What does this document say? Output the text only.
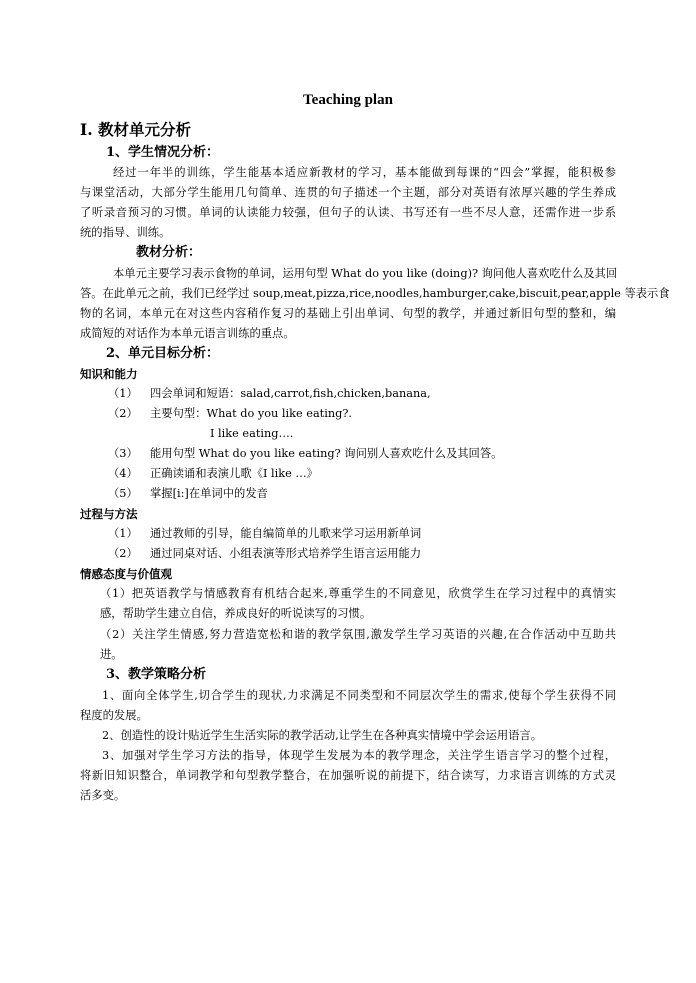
Teaching plan
Ⅰ. 教材单元分析
1、学生情况分析：
经过一年半的训练，学生能基本适应新教材的学习，基本能做到每课的“四会”掌握，能积极参
与课堂活动，大部分学生能用几句简单、连贯的句子描述一个主题，部分对英语有浓厚兴趣的学生养成
了听录音预习的习惯。单词的认读能力较强，但句子的认读、书写还有一些不尽人意，还需作进一步系
统的指导、训练。
教材分析：
本单元主要学习表示食物的单词，运用句型 What do you like (doing)? 询问他人喜欢吃什么及其回
答。在此单元之前，我们已经学过 soup,meat,pizza,rice,noodles,hamburger,cake,biscuit,pear,apple 等表示食
物的名词，本单元在对这些内容稍作复习的基础上引出单词、句型的教学，并通过新旧句型的整和，编
成简短的对话作为本单元语言训练的重点。
2、单元目标分析：
知识和能力
（1） 四会单词和短语：salad,carrot,fish,chicken,banana,
（2） 主要句型：What do you like eating?.
I like eating….
（3） 能用句型 What do you like eating? 询问别人喜欢吃什么及其回答。
（4） 正确读诵和表演儿歌《I like …》
（5） 掌握[i:]在单词中的发音
过程与方法
（1） 通过教师的引导，能自编简单的儿歌来学习运用新单词
（2） 通过同桌对话、小组表演等形式培养学生语言运用能力
情感态度与价值观
（1）把英语教学与情感教育有机结合起来,尊重学生的不同意见，欣赏学生在学习过程中的真情实
感，帮助学生建立自信，养成良好的听说读写的习惯。
（2）关注学生情感,努力营造宽松和谐的教学氛围,激发学生学习英语的兴趣,在合作活动中互助共
进。
3、教学策略分析
1、面向全体学生,切合学生的现状,力求满足不同类型和不同层次学生的需求,使每个学生获得不同
程度的发展。
2、创造性的设计贴近学生生活实际的教学活动,让学生在各种真实情境中学会运用语言。
3、加强对学生学习方法的指导，体现学生发展为本的教学理念，关注学生语言学习的整个过程，
将新旧知识整合，单词教学和句型教学整合，在加强听说的前提下，结合读写，力求语言训练的方式灵
活多变。
